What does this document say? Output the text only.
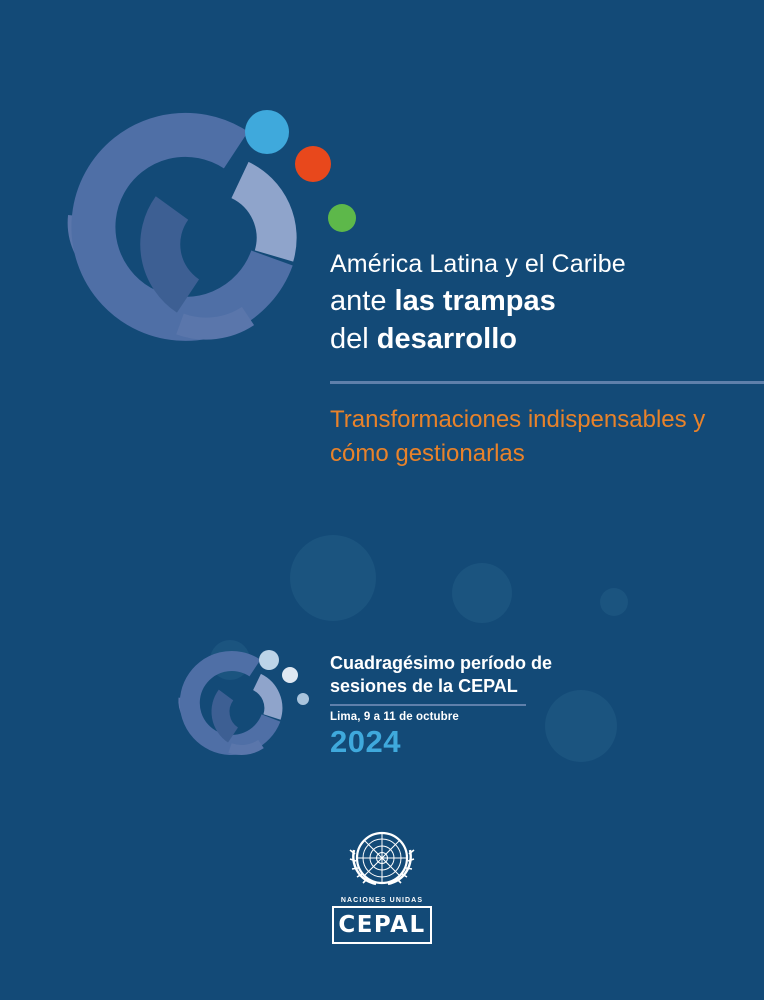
América Latina y el Caribe
ante las trampas
del desarrollo
Transformaciones indispensables y cómo gestionarlas
Cuadragésimo período de sesiones de la CEPAL
Lima, 9 a 11 de octubre
2024
NACIONES UNIDAS
CEPAL
